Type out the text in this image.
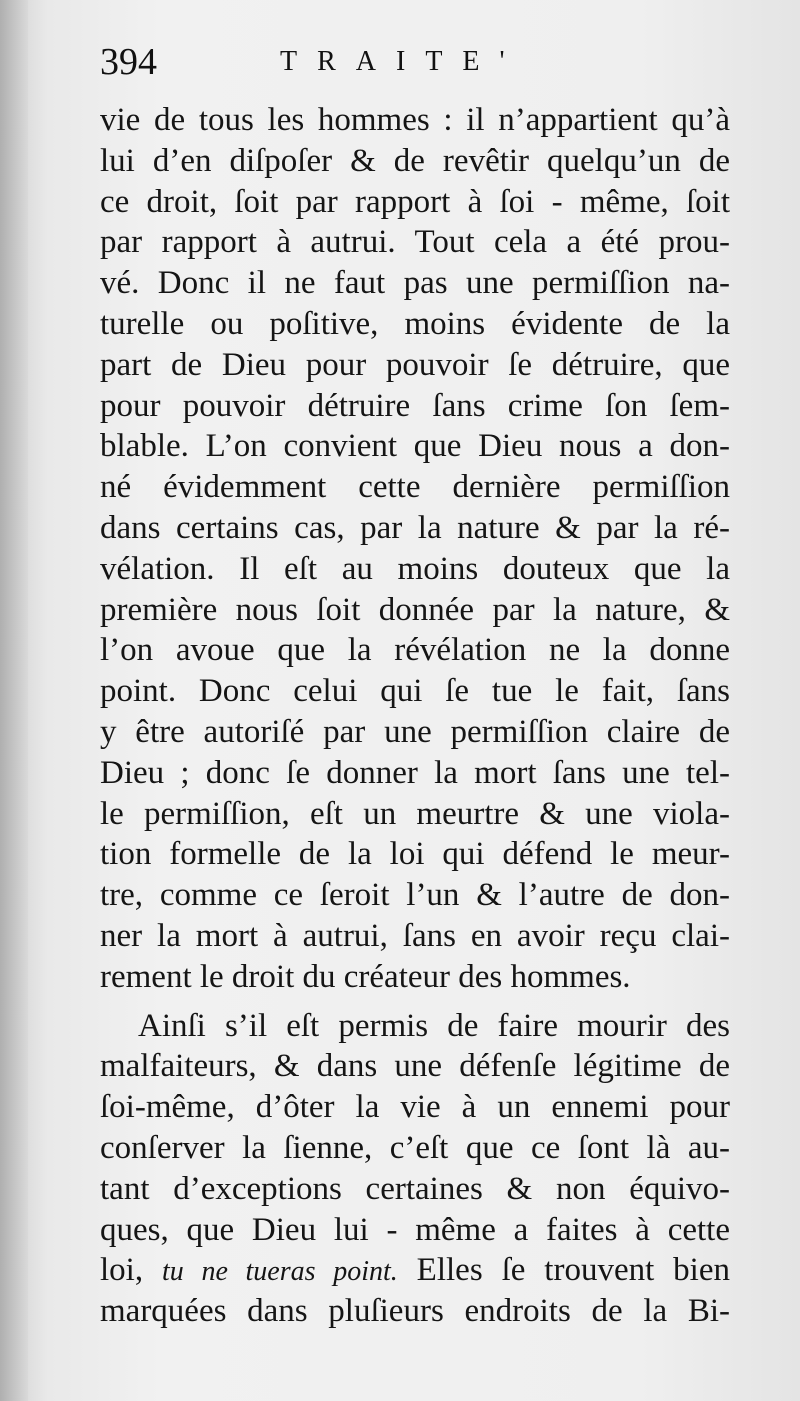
394	TRAITE'
vie de tous les hommes : il n’appartient qu’à
lui d’en diſpoſer & de revêtir quelqu’un de
ce droit, ſoit par rapport à ſoi - même, ſoit
par rapport à autrui. Tout cela a été prou-
vé. Donc il ne faut pas une permiſſion na-
turelle ou poſitive, moins évidente de la
part de Dieu pour pouvoir ſe détruire, que
pour pouvoir détruire ſans crime ſon ſem-
blable. L’on convient que Dieu nous a don-
né évidemment cette dernière permiſſion
dans certains cas, par la nature & par la ré-
vélation. Il eſt au moins douteux que la
première nous ſoit donnée par la nature, &
l’on avoue que la révélation ne la donne
point. Donc celui qui ſe tue le fait, ſans
y être autoriſé par une permiſſion claire de
Dieu ; donc ſe donner la mort ſans une tel-
le permiſſion, eſt un meurtre & une viola-
tion formelle de la loi qui défend le meur-
tre, comme ce ſeroit l’un & l’autre de don-
ner la mort à autrui, ſans en avoir reçu clai-
rement le droit du créateur des hommes.
Ainſi s’il eſt permis de faire mourir des
malfaiteurs, & dans une défenſe légitime de
ſoi-même, d’ôter la vie à un ennemi pour
conſerver la ſienne, c’eſt que ce ſont là au-
tant d’exceptions certaines & non équivo-
ques, que Dieu lui - même a faites à cette
loi, tu ne tueras point. Elles ſe trouvent bien
marquées dans pluſieurs endroits de la Bi-
